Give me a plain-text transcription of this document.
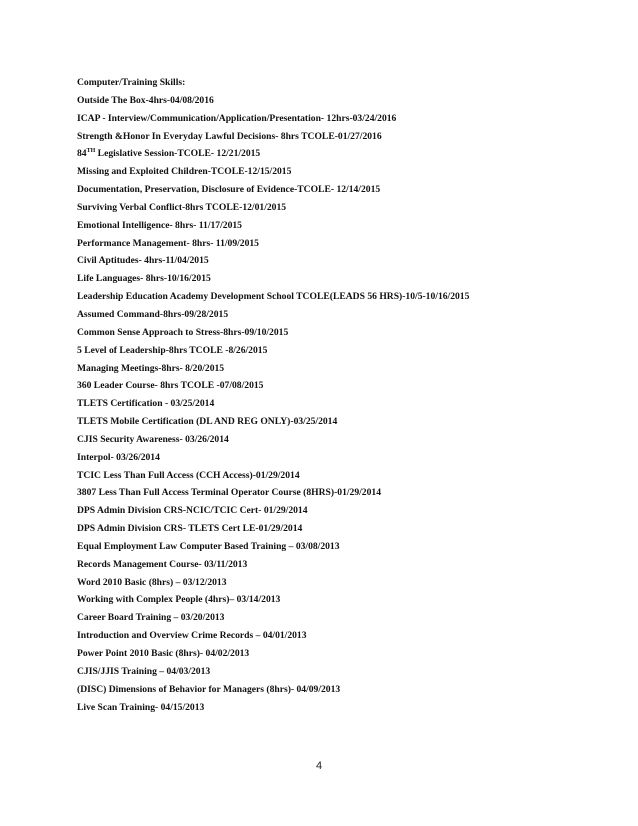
Computer/Training Skills:
Outside The Box-4hrs-04/08/2016
ICAP - Interview/Communication/Application/Presentation- 12hrs-03/24/2016
Strength &Honor In Everyday Lawful Decisions- 8hrs TCOLE-01/27/2016
84TH Legislative Session-TCOLE- 12/21/2015
Missing and Exploited Children-TCOLE-12/15/2015
Documentation, Preservation, Disclosure of Evidence-TCOLE- 12/14/2015
Surviving Verbal Conflict-8hrs TCOLE-12/01/2015
Emotional Intelligence- 8hrs- 11/17/2015
Performance Management- 8hrs- 11/09/2015
Civil Aptitudes- 4hrs-11/04/2015
Life Languages- 8hrs-10/16/2015
Leadership Education Academy Development School TCOLE(LEADS 56 HRS)-10/5-10/16/2015
Assumed Command-8hrs-09/28/2015
Common Sense Approach to Stress-8hrs-09/10/2015
5 Level of Leadership-8hrs TCOLE -8/26/2015
Managing Meetings-8hrs- 8/20/2015
360 Leader Course- 8hrs TCOLE -07/08/2015
TLETS Certification - 03/25/2014
TLETS Mobile Certification (DL AND REG ONLY)-03/25/2014
CJIS Security Awareness- 03/26/2014
Interpol- 03/26/2014
TCIC Less Than Full Access (CCH Access)-01/29/2014
3807 Less Than Full Access Terminal Operator Course (8HRS)-01/29/2014
DPS Admin Division CRS-NCIC/TCIC Cert- 01/29/2014
DPS Admin Division CRS- TLETS Cert LE-01/29/2014
Equal Employment Law Computer Based Training – 03/08/2013
Records Management Course- 03/11/2013
Word 2010 Basic (8hrs) – 03/12/2013
Working with Complex People (4hrs)– 03/14/2013
Career Board Training – 03/20/2013
Introduction and Overview Crime Records – 04/01/2013
Power Point 2010 Basic (8hrs)- 04/02/2013
CJIS/JJIS Training – 04/03/2013
(DISC) Dimensions of Behavior for Managers (8hrs)- 04/09/2013
Live Scan Training- 04/15/2013
4
